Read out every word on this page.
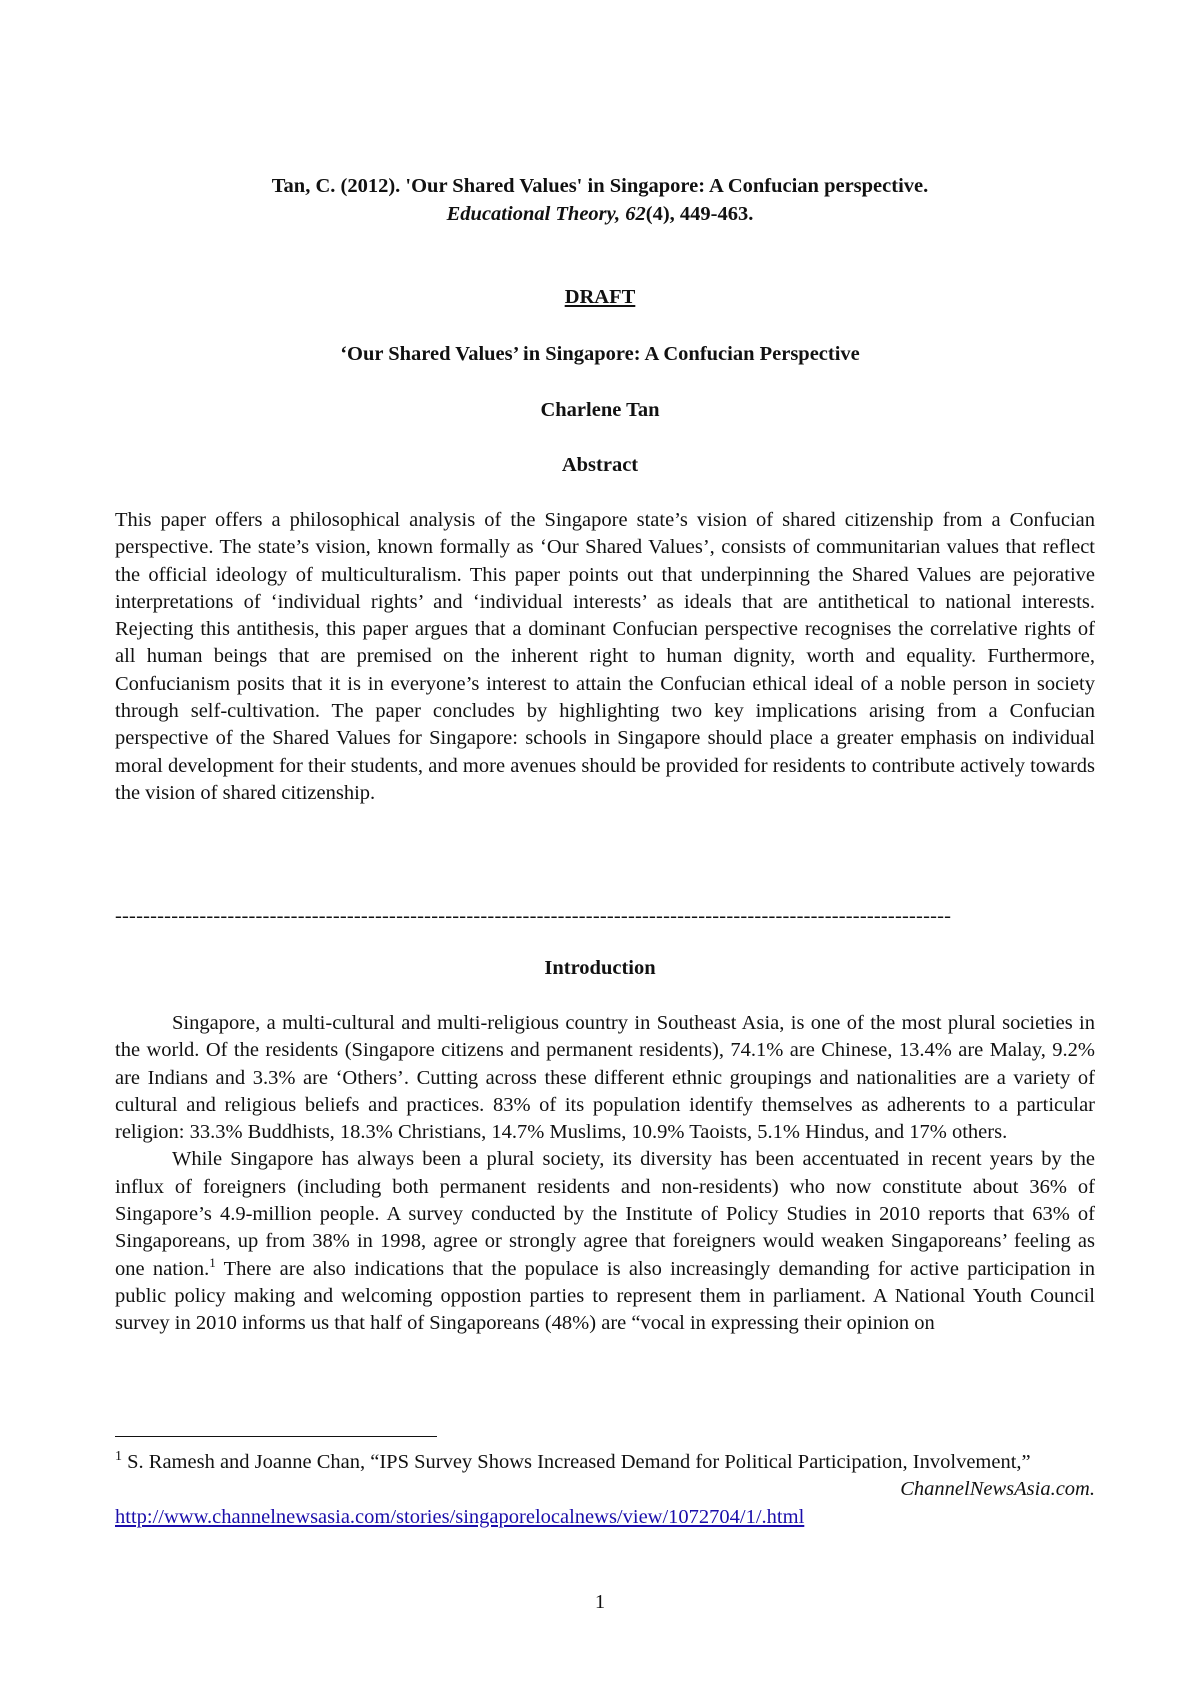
Tan, C. (2012). 'Our Shared Values' in Singapore: A Confucian perspective.
Educational Theory, 62(4), 449-463.
DRAFT
‘Our Shared Values’ in Singapore: A Confucian Perspective
Charlene Tan
Abstract

This paper offers a philosophical analysis of the Singapore state’s vision of shared citizenship from a Confucian perspective. The state’s vision, known formally as ‘Our Shared Values’, consists of communitarian values that reflect the official ideology of multiculturalism. This paper points out that underpinning the Shared Values are pejorative interpretations of ‘individual rights’ and ‘individual interests’ as ideals that are antithetical to national interests. Rejecting this antithesis, this paper argues that a dominant Confucian perspective recognises the correlative rights of all human beings that are premised on the inherent right to human dignity, worth and equality. Furthermore, Confucianism posits that it is in everyone’s interest to attain the Confucian ethical ideal of a noble person in society through self-cultivation. The paper concludes by highlighting two key implications arising from a Confucian perspective of the Shared Values for Singapore: schools in Singapore should place a greater emphasis on individual moral development for their students, and more avenues should be provided for residents to contribute actively towards the vision of shared citizenship.

-----------------------------------------------------------------------------------------------------------------------
Introduction

Singapore, a multi-cultural and multi-religious country in Southeast Asia, is one of the most plural societies in the world. Of the residents (Singapore citizens and permanent residents), 74.1% are Chinese, 13.4% are Malay, 9.2% are Indians and 3.3% are ‘Others’. Cutting across these different ethnic groupings and nationalities are a variety of cultural and religious beliefs and practices. 83% of its population identify themselves as adherents to a particular religion: 33.3% Buddhists, 18.3% Christians, 14.7% Muslims, 10.9% Taoists, 5.1% Hindus, and 17% others.

While Singapore has always been a plural society, its diversity has been accentuated in recent years by the influx of foreigners (including both permanent residents and non-residents) who now constitute about 36% of Singapore’s 4.9-million people. A survey conducted by the Institute of Policy Studies in 2010 reports that 63% of Singaporeans, up from 38% in 1998, agree or strongly agree that foreigners would weaken Singaporeans’ feeling as one nation.$^1$ There are also indications that the populace is also increasingly demanding for active participation in public policy making and welcoming oppostion parties to represent them in parliament. A National Youth Council survey in 2010 informs us that half of Singaporeans (48%) are “vocal in expressing their opinion on

$^1$ S. Ramesh and Joanne Chan, “IPS Survey Shows Increased Demand for Political Participation, Involvement,”
ChannelNewsAsia.com.
http://www.channelnewsasia.com/stories/singaporelocalnews/view/1072704/1/.html
1
